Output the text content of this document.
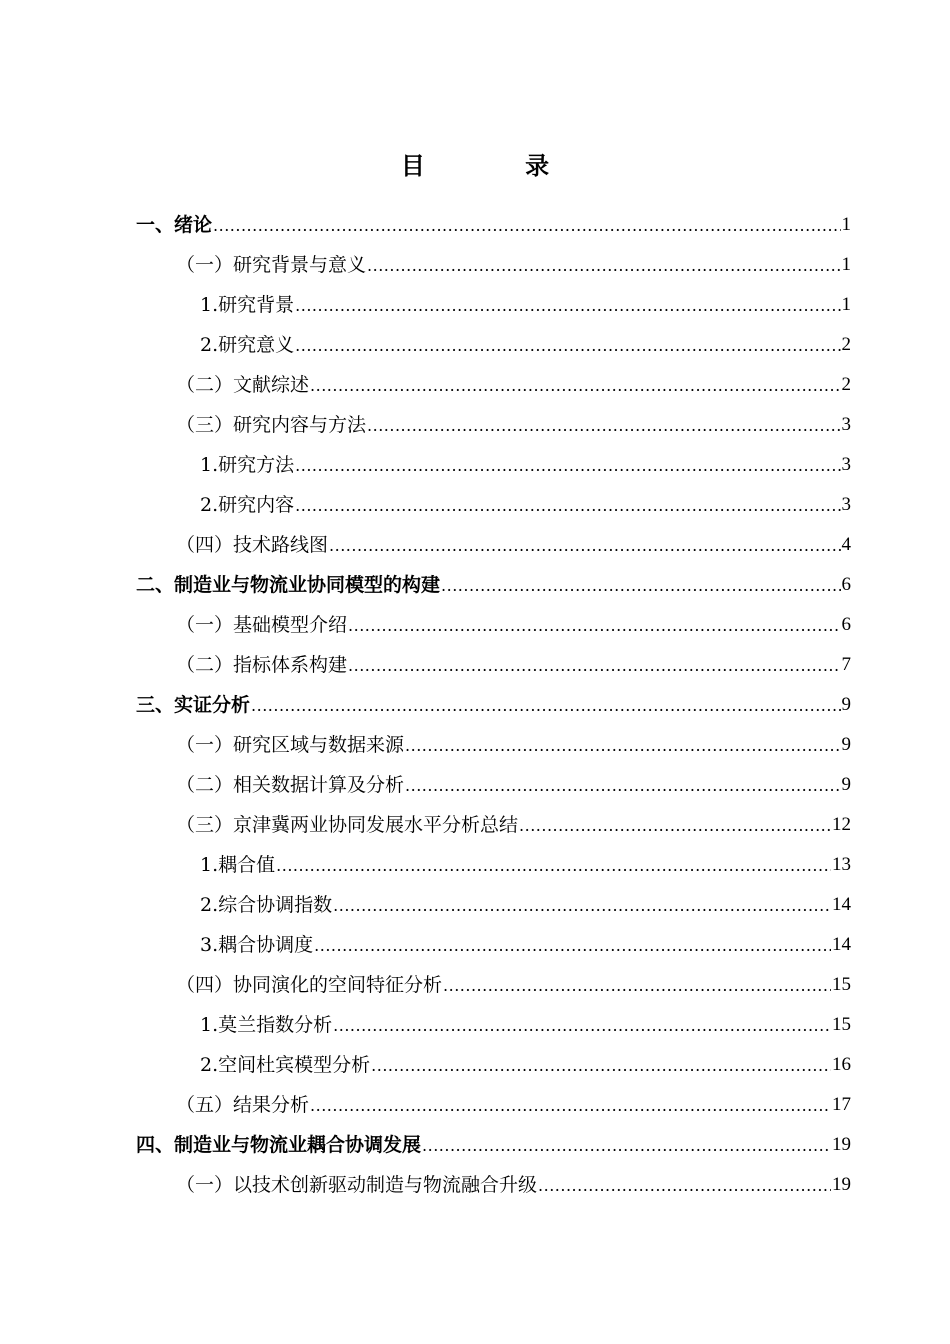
目 录
一、绪论 .....	1
（一）研究背景与意义 .....	1
1.研究背景 .....	1
2.研究意义 .....	2
（二）文献综述 .....	2
（三）研究内容与方法 .....	3
1.研究方法 .....	3
2.研究内容 .....	3
（四）技术路线图 .....	4
二、制造业与物流业协同模型的构建 .....	6
（一）基础模型介绍 .....	6
（二）指标体系构建 .....	7
三、实证分析 .....	9
（一）研究区域与数据来源 .....	9
（二）相关数据计算及分析 .....	9
（三）京津冀两业协同发展水平分析总结 .....	12
1.耦合值 .....	13
2.综合协调指数 .....	14
3.耦合协调度 .....	14
（四）协同演化的空间特征分析 .....	15
1.莫兰指数分析 .....	15
2.空间杜宾模型分析 .....	16
（五）结果分析 .....	17
四、制造业与物流业耦合协调发展 .....	19
（一）以技术创新驱动制造与物流融合升级 .....	19
